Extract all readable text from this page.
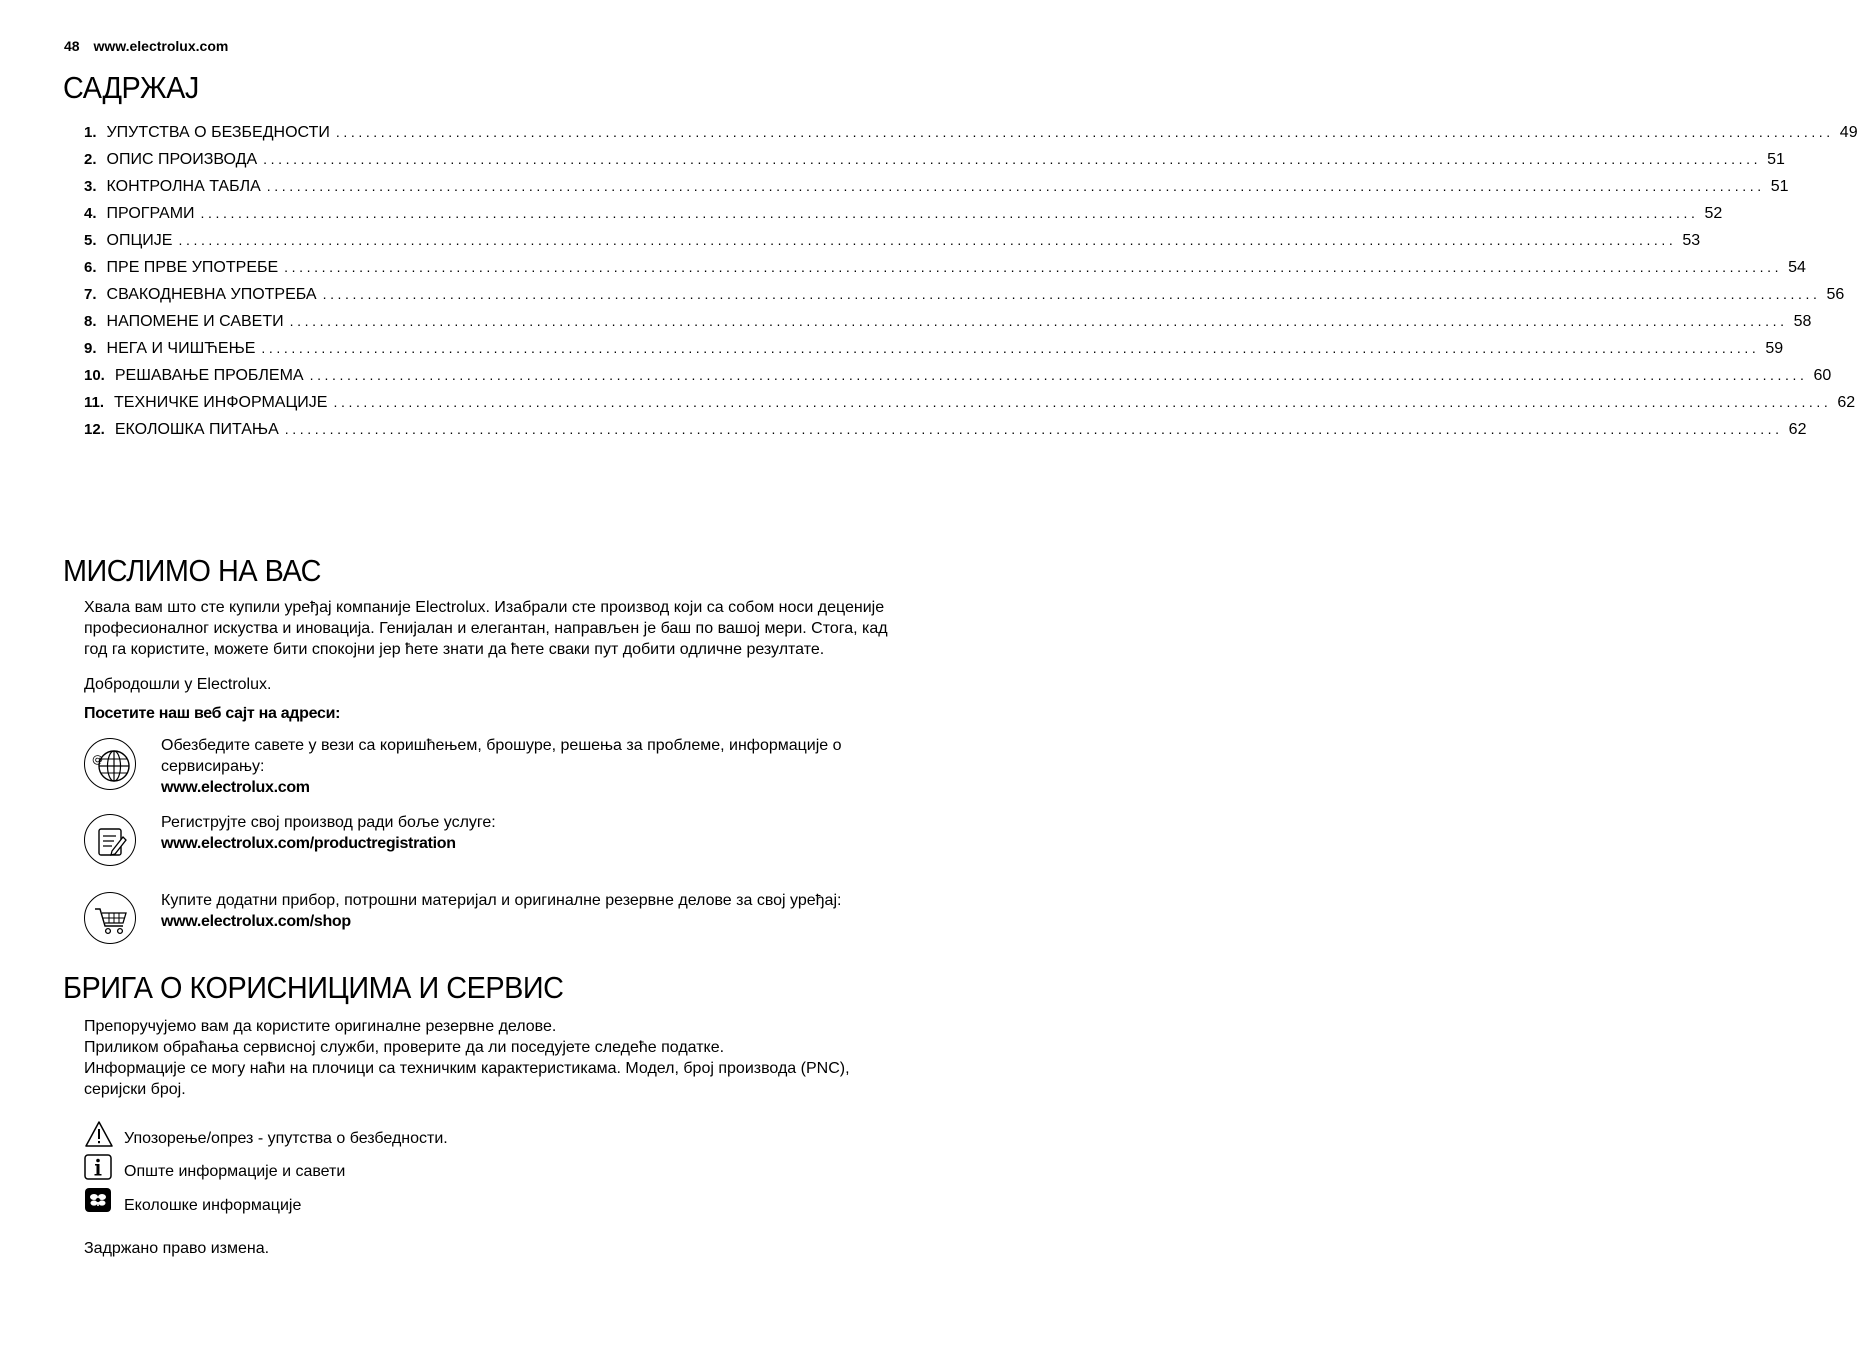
48 www.electrolux.com
САДРЖАЈ
1. УПУТСТВА О БЕЗБЕДНОСТИ ........................................................................................................................................................................................................ 49
2. ОПИС ПРОИЗВОДА ........................................................................................................................................................................................................ 51
3. КОНТРОЛНА ТАБЛА ........................................................................................................................................................................................................ 51
4. ПРОГРАМИ ........................................................................................................................................................................................................ 52
5. ОПЦИЈЕ ........................................................................................................................................................................................................ 53
6. ПРЕ ПРВЕ УПОТРЕБЕ ........................................................................................................................................................................................................ 54
7. СВАКОДНЕВНА УПОТРЕБА ........................................................................................................................................................................................................ 56
8. НАПОМЕНЕ И САВЕТИ ........................................................................................................................................................................................................ 58
9. НЕГА И ЧИШЋЕЊЕ ........................................................................................................................................................................................................ 59
10. РЕШАВАЊЕ ПРОБЛЕМА ........................................................................................................................................................................................................ 60
11. ТЕХНИЧКЕ ИНФОРМАЦИЈЕ ........................................................................................................................................................................................................ 62
12. ЕКОЛОШКА ПИТАЊА ........................................................................................................................................................................................................ 62
МИСЛИМО НА ВАС

Хвала вам што сте купили уређај компаније Electrolux. Изабрали сте производ који са собом носи деценије професионалног искуства и иновација. Генијалан и елегантан, направљен је баш по вашој мери. Стога, кад год га користите, можете бити спокојни јер ћете знати да ћете сваки пут добити одличне резултате.

Добродошли у Electrolux.

Посетите наш веб сајт на адреси:

@
Обезбедите савете у вези са коришћењем, брошуре, решења за проблеме, информације о сервисирању:
www.electrolux.com
Региструјте свој производ ради боље услуге:
www.electrolux.com/productregistration
Купите додатни прибор, потрошни материјал и оригиналне резервне делове за свој уређај:
www.electrolux.com/shop
БРИГА О КОРИСНИЦИМА И СЕРВИС
Препоручујемо вам да користите оригиналне резервне делове.
Приликом обраћања сервисној служби, проверите да ли поседујете следеће податке.
Информације се могу наћи на плочици са техничким карактеристикама. Модел, број производа (PNC), серијски број.
Упозорење/опрез - упутства о безбедности.
Опште информације и савети
Еколошке информације

Задржано право измена.
